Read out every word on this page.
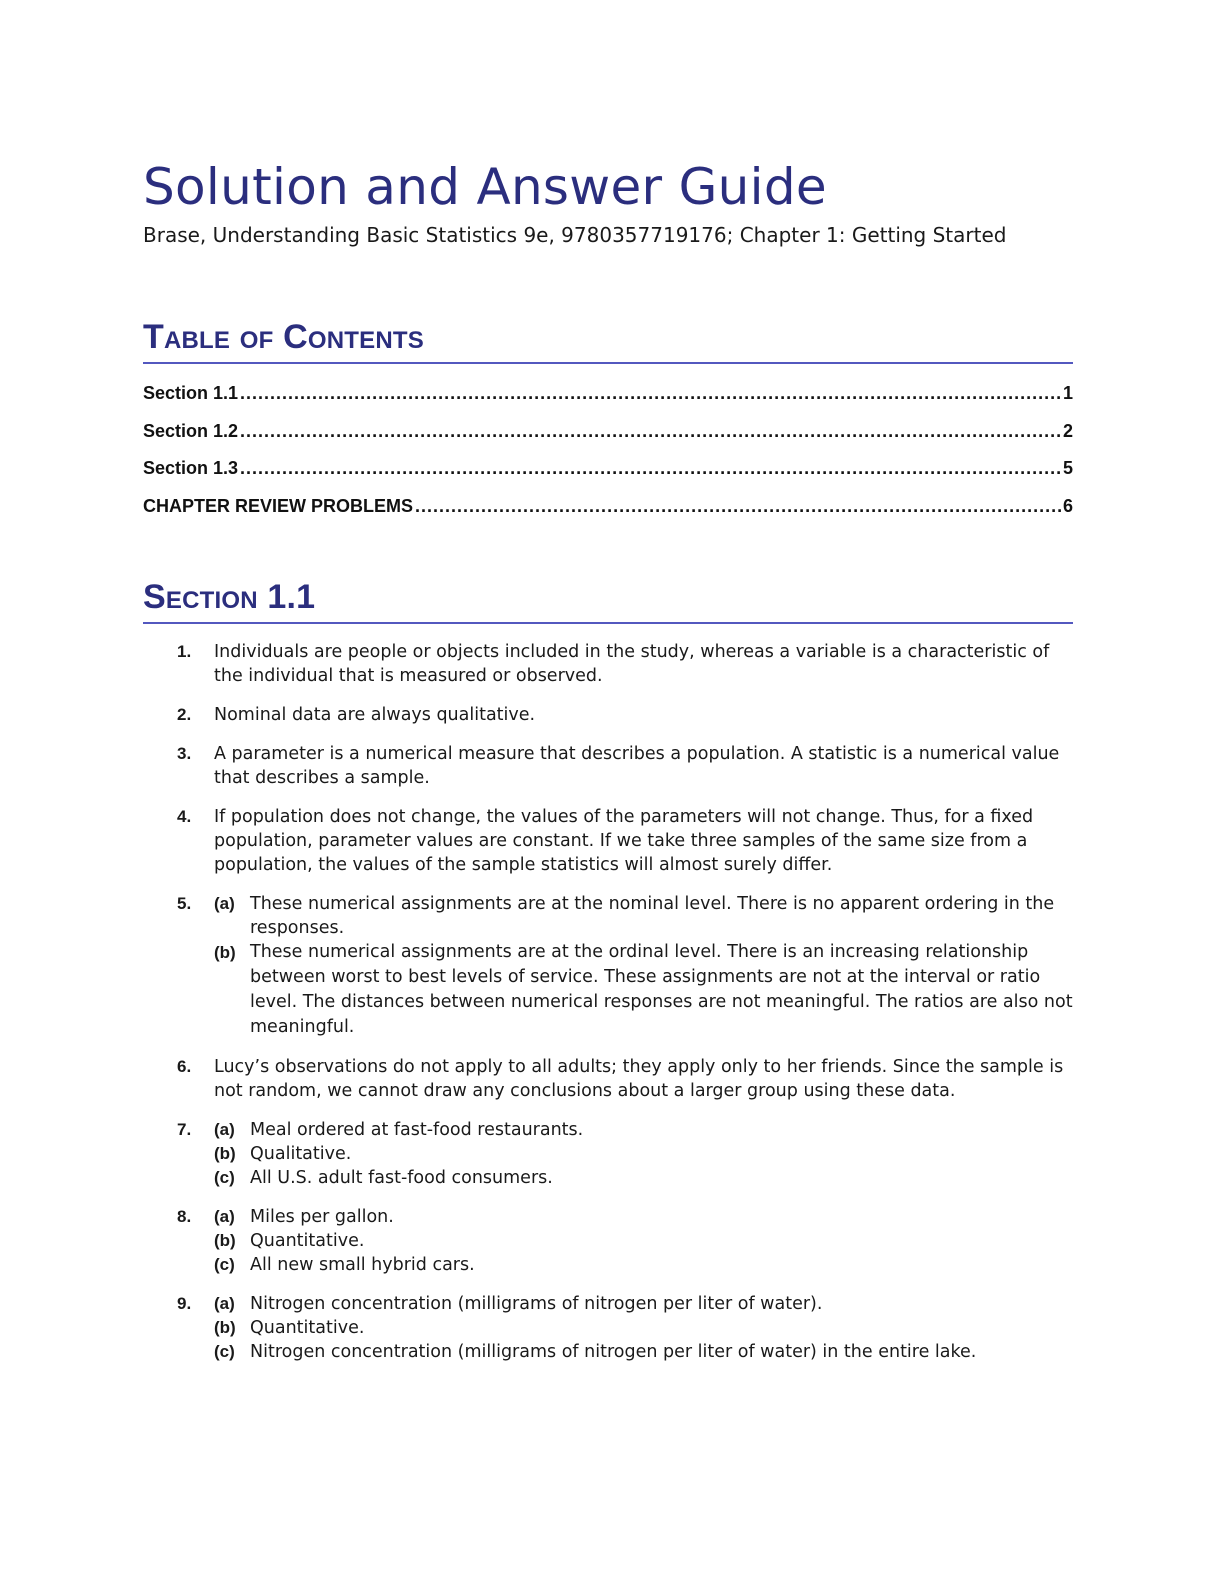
Solution and Answer Guide
Brase, Understanding Basic Statistics 9e, 9780357719176; Chapter 1: Getting Started
Table of Contents
Section 1.1 .....	1
Section 1.2 .....	2
Section 1.3 .....	5
CHAPTER REVIEW PROBLEMS .....	6
Section 1.1
1. Individuals are people or objects included in the study, whereas a variable is a characteristic of the individual that is measured or observed.
2. Nominal data are always qualitative.
3. A parameter is a numerical measure that describes a population. A statistic is a numerical value that describes a sample.
4. If population does not change, the values of the parameters will not change. Thus, for a fixed population, parameter values are constant. If we take three samples of the same size from a population, the values of the sample statistics will almost surely differ.
5. (a) These numerical assignments are at the nominal level. There is no apparent ordering in the responses.
(b) These numerical assignments are at the ordinal level. There is an increasing relationship between worst to best levels of service. These assignments are not at the interval or ratio level. The distances between numerical responses are not meaningful. The ratios are also not meaningful.
6. Lucy’s observations do not apply to all adults; they apply only to her friends. Since the sample is not random, we cannot draw any conclusions about a larger group using these data.
7. (a) Meal ordered at fast-food restaurants.
(b) Qualitative.
(c) All U.S. adult fast-food consumers.
8. (a) Miles per gallon.
(b) Quantitative.
(c) All new small hybrid cars.
9. (a) Nitrogen concentration (milligrams of nitrogen per liter of water).
(b) Quantitative.
(c) Nitrogen concentration (milligrams of nitrogen per liter of water) in the entire lake.
